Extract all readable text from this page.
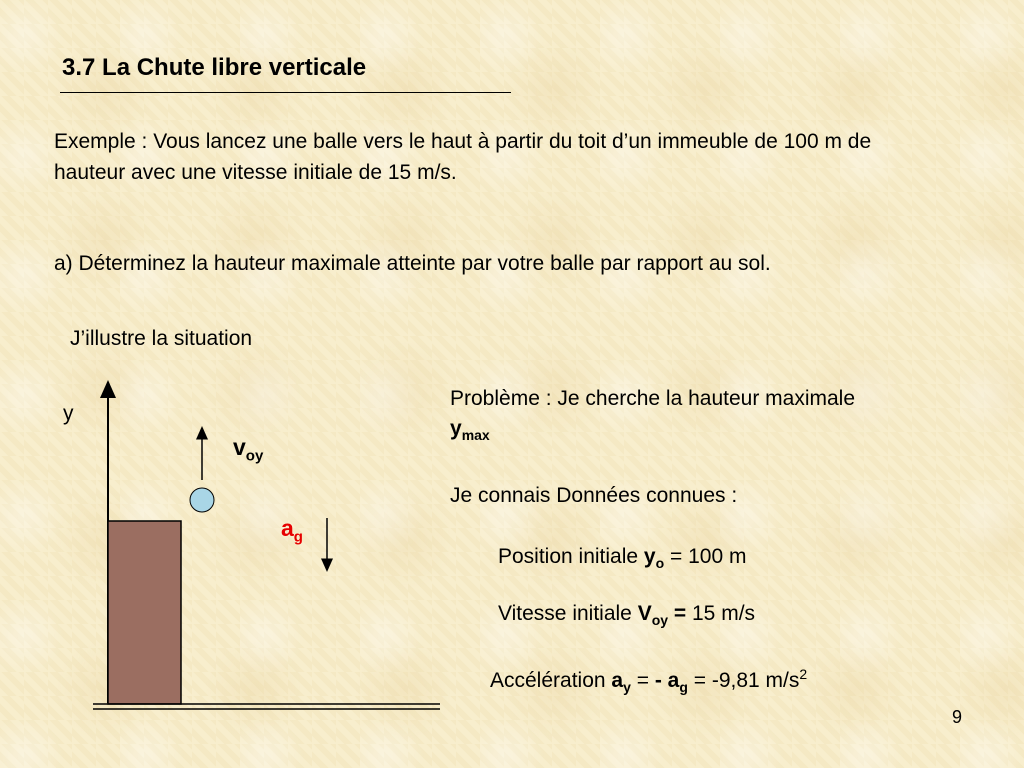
3.7 La Chute libre verticale
Exemple : Vous lancez une balle vers le haut à partir du toit d’un immeuble de 100 m de hauteur avec une vitesse initiale de 15 m/s.
a) Déterminez la hauteur maximale atteinte par votre balle par rapport au sol.
J’illustre la situation
y
$v_{oy}$
$a_g$
Problème : Je cherche la hauteur maximale $y_{max}$
Je connais Données connues :
Position initiale $y_o = 100$ m
Vitesse initiale $V_{oy} = 15$ m/s
Accélération $a_y$ = - $a_g = -9,81$ $m/s^2$
9
